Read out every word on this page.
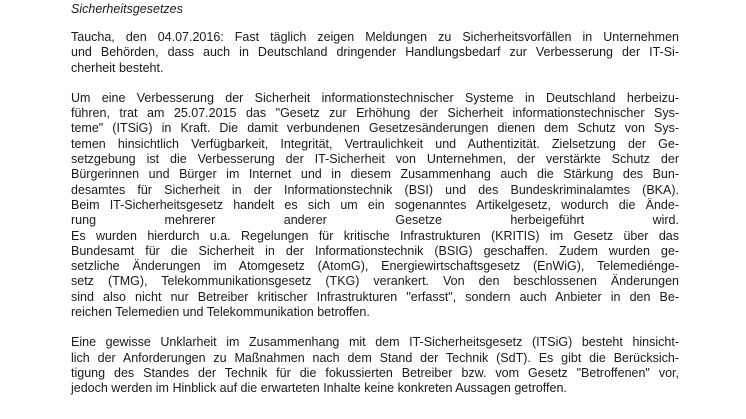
Sicherheitsgesetzes
Taucha, den 04.07.2016: Fast täglich zeigen Meldungen zu Sicherheitsvorfällen in Unternehmen
und Behörden, dass auch in Deutschland dringender Handlungsbedarf zur Verbesserung der IT-Si-
cherheit besteht.
Um eine Verbesserung der Sicherheit informationstechnischer Systeme in Deutschland herbeizu-
führen, trat am 25.07.2015 das "Gesetz zur Erhöhung der Sicherheit informationstechnischer Sys-
teme" (ITSiG) in Kraft. Die damit verbundenen Gesetzesänderungen dienen dem Schutz von Sys-
temen hinsichtlich Verfügbarkeit, Integrität, Vertraulichkeit und Authentizität. Zielsetzung der Ge-
setzgebung ist die Verbesserung der IT-Sicherheit von Unternehmen, der verstärkte Schutz der
Bürgerinnen und Bürger im Internet und in diesem Zusammenhang auch die Stärkung des Bun-
desamtes für Sicherheit in der Informationstechnik (BSI) und des Bundeskriminalamtes (BKA).
Beim IT-Sicherheitsgesetz handelt es sich um ein sogenanntes Artikelgesetz, wodurch die Ände-
rung mehrerer anderer Gesetze herbeigeführt wird.
Es wurden hierdurch u.a. Regelungen für kritische Infrastrukturen (KRITIS) im Gesetz über das
Bundesamt für die Sicherheit in der Informationstechnik (BSIG) geschaffen. Zudem wurden ge-
setzliche Änderungen im Atomgesetz (AtomG), Energiewirtschaftsgesetz (EnWiG), Telemediénge-
setz (TMG), Telekommunikationsgesetz (TKG) verankert. Von den beschlossenen Änderungen
sind also nicht nur Betreiber kritischer Infrastrukturen "erfasst", sondern auch Anbieter in den Be-
reichen Telemedien und Telekommunikation betroffen.
Eine gewisse Unklarheit im Zusammenhang mit dem IT-Sicherheitsgesetz (ITSiG) besteht hinsicht-
lich der Anforderungen zu Maßnahmen nach dem Stand der Technik (SdT). Es gibt die Berücksich-
tigung des Standes der Technik für die fokussierten Betreiber bzw. vom Gesetz "Betroffenen" vor,
jedoch werden im Hinblick auf die erwarteten Inhalte keine konkreten Aussagen getroffen.
